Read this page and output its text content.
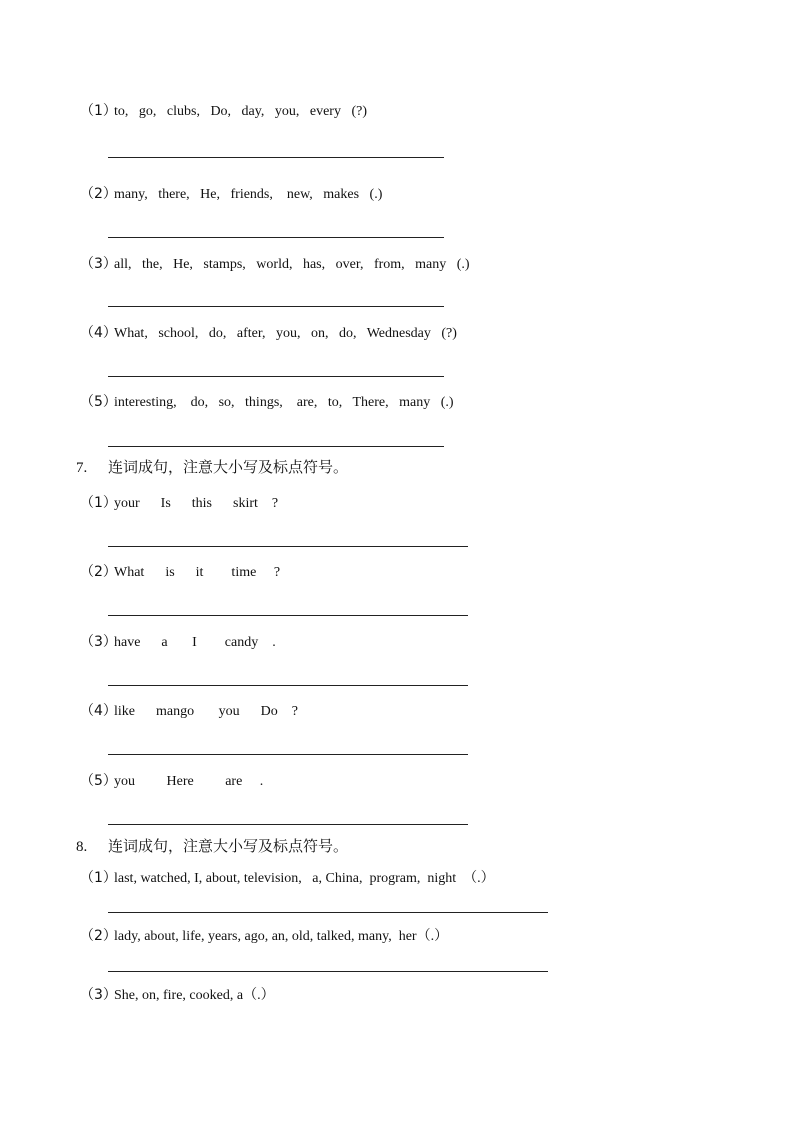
（1）to,   go,   clubs,   Do,   day,   you,   every   (?)
（2）many,   there,   He,   friends,    new,   makes   (.)
（3）all,   the,   He,   stamps,   world,   has,   over,   from,   many   (.)
（4）What,   school,   do,   after,   you,   on,   do,   Wednesday   (?)
（5）interesting,    do,   so,   things,    are,   to,   There,   many   (.)
7. 连词成句，注意大小写及标点符号。
（1）your      Is      this      skirt    ?
（2）What      is      it        time     ?
（3）have      a       I        candy    .
（4）like      mango       you      Do    ?
（5）you         Here         are     .
8. 连词成句，注意大小写及标点符号。
（1）last, watched, I, about, television,   a, China,  program,  night  （.）
（2）lady, about, life, years, ago, an, old, talked, many,  her（.）
（3）She, on, fire, cooked, a（.）
